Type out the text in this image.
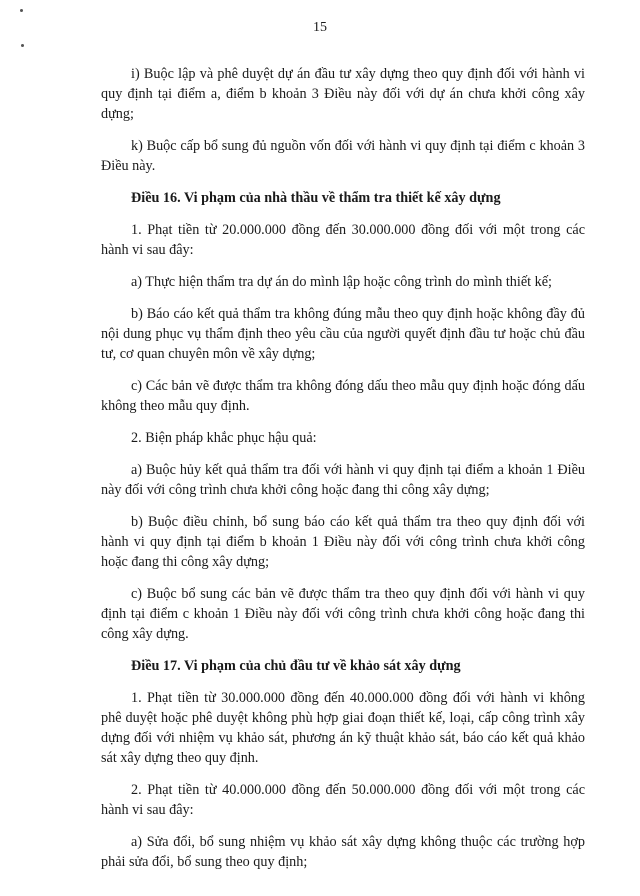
15

i) Buộc lập và phê duyệt dự án đầu tư xây dựng theo quy định đối với hành vi quy định tại điểm a, điểm b khoản 3 Điều này đối với dự án chưa khởi công xây dựng;

k) Buộc cấp bổ sung đủ nguồn vốn đối với hành vi quy định tại điểm c khoản 3 Điều này.

Điều 16. Vi phạm của nhà thầu về thẩm tra thiết kế xây dựng

1. Phạt tiền từ 20.000.000 đồng đến 30.000.000 đồng đối với một trong các hành vi sau đây:

a) Thực hiện thẩm tra dự án do mình lập hoặc công trình do mình thiết kế;

b) Báo cáo kết quả thẩm tra không đúng mẫu theo quy định hoặc không đầy đủ nội dung phục vụ thẩm định theo yêu cầu của người quyết định đầu tư hoặc chủ đầu tư, cơ quan chuyên môn về xây dựng;

c) Các bản vẽ được thẩm tra không đóng dấu theo mẫu quy định hoặc đóng dấu không theo mẫu quy định.

2. Biện pháp khắc phục hậu quả:

a) Buộc hủy kết quả thẩm tra đối với hành vi quy định tại điểm a khoản 1 Điều này đối với công trình chưa khởi công hoặc đang thi công xây dựng;

b) Buộc điều chỉnh, bổ sung báo cáo kết quả thẩm tra theo quy định đối với hành vi quy định tại điểm b khoản 1 Điều này đối với công trình chưa khởi công hoặc đang thi công xây dựng;

c) Buộc bổ sung các bản vẽ được thẩm tra theo quy định đối với hành vi quy định tại điểm c khoản 1 Điều này đối với công trình chưa khởi công hoặc đang thi công xây dựng.

Điều 17. Vi phạm của chủ đầu tư về khảo sát xây dựng

1. Phạt tiền từ 30.000.000 đồng đến 40.000.000 đồng đối với hành vi không phê duyệt hoặc phê duyệt không phù hợp giai đoạn thiết kế, loại, cấp công trình xây dựng đối với nhiệm vụ khảo sát, phương án kỹ thuật khảo sát, báo cáo kết quả khảo sát xây dựng theo quy định.

2. Phạt tiền từ 40.000.000 đồng đến 50.000.000 đồng đối với một trong các hành vi sau đây:

a) Sửa đổi, bổ sung nhiệm vụ khảo sát xây dựng không thuộc các trường hợp phải sửa đổi, bổ sung theo quy định;
